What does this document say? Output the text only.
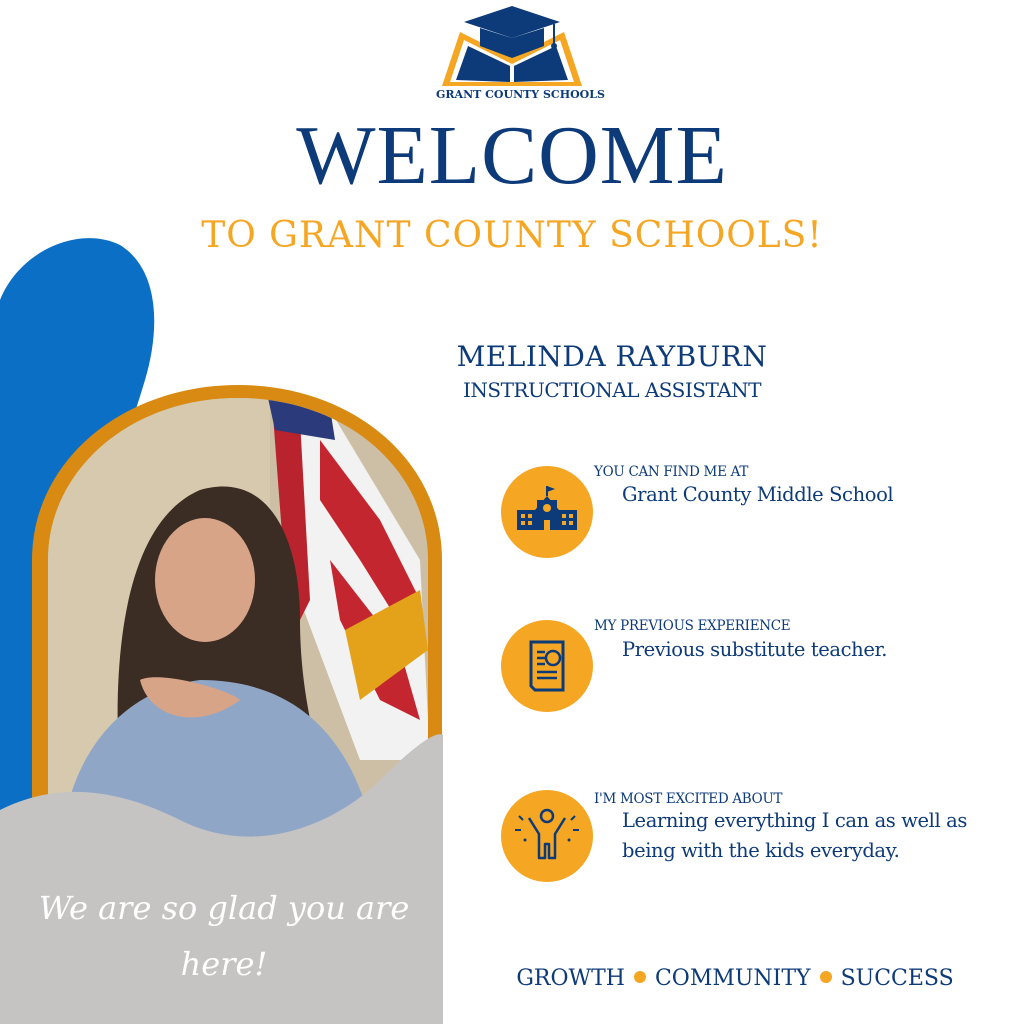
GRANT COUNTY SCHOOLS
WELCOME
TO GRANT COUNTY SCHOOLS!
MELINDA RAYBURN
INSTRUCTIONAL ASSISTANT
YOU CAN FIND ME AT
Grant County Middle School
MY PREVIOUS EXPERIENCE
Previous substitute teacher.
I'M MOST EXCITED ABOUT
Learning everything I can as well as being with the kids everyday.
We are so glad you are here!	GROWTH COMMUNITY SUCCESS
